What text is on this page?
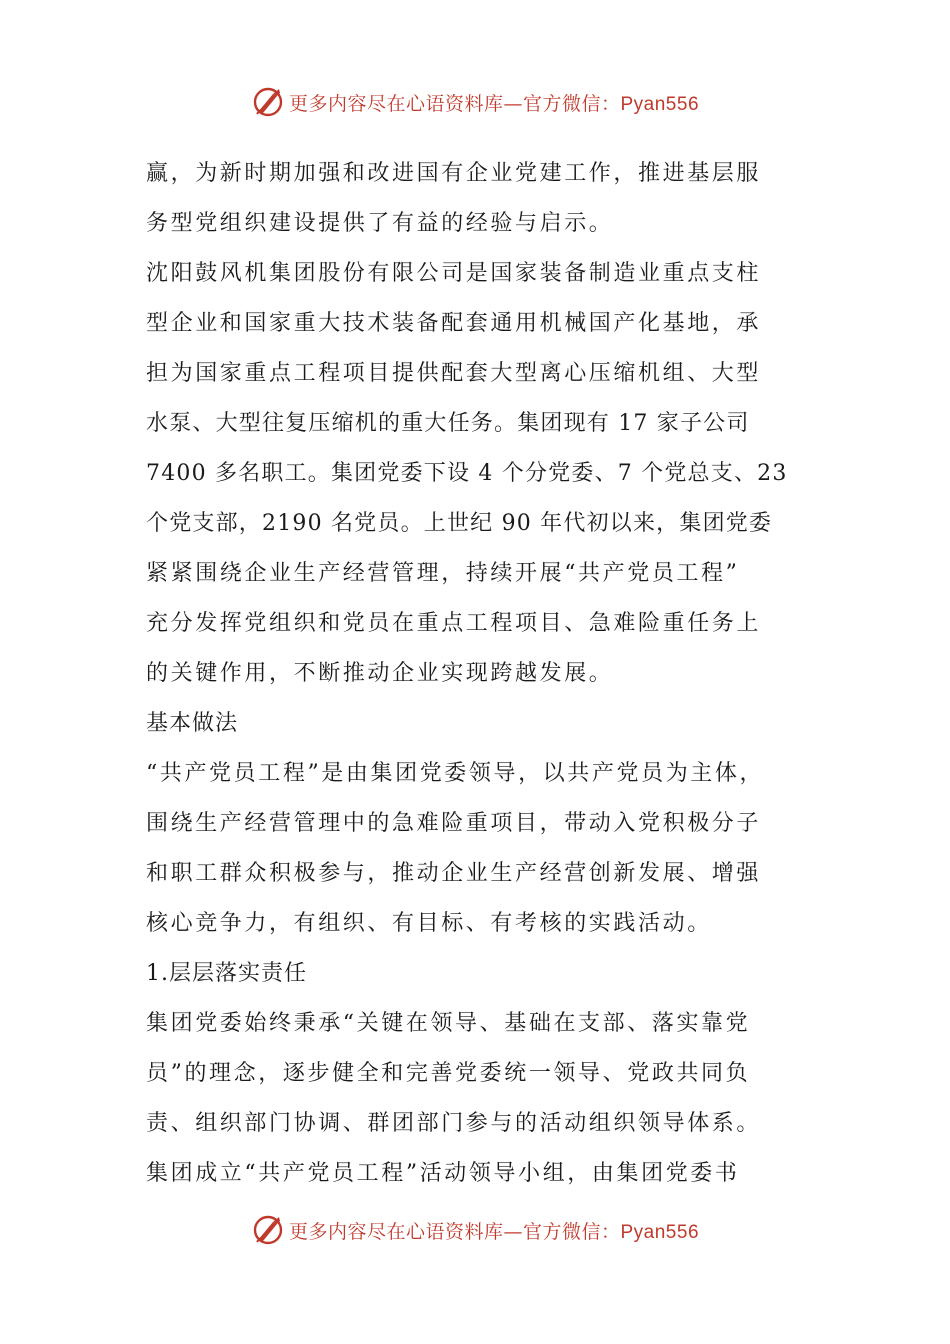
更多内容尽在心语资料库—官方微信：Pyan556
赢，为新时期加强和改进国有企业党建工作，推进基层服
务型党组织建设提供了有益的经验与启示。
沈阳鼓风机集团股份有限公司是国家装备制造业重点支柱
型企业和国家重大技术装备配套通用机械国产化基地，承
担为国家重点工程项目提供配套大型离心压缩机组、大型
水泵、大型往复压缩机的重大任务。集团现有 17 家子公司
7400 多名职工。集团党委下设 4 个分党委、7 个党总支、23
个党支部，2190 名党员。上世纪 90 年代初以来，集团党委
紧紧围绕企业生产经营管理，持续开展“共产党员工程”
充分发挥党组织和党员在重点工程项目、急难险重任务上
的关键作用，不断推动企业实现跨越发展。
基本做法
“共产党员工程”是由集团党委领导，以共产党员为主体，
围绕生产经营管理中的急难险重项目，带动入党积极分子
和职工群众积极参与，推动企业生产经营创新发展、增强
核心竞争力，有组织、有目标、有考核的实践活动。
1.层层落实责任
集团党委始终秉承“关键在领导、基础在支部、落实靠党
员”的理念，逐步健全和完善党委统一领导、党政共同负
责、组织部门协调、群团部门参与的活动组织领导体系。
集团成立“共产党员工程”活动领导小组，由集团党委书
更多内容尽在心语资料库—官方微信：Pyan556
